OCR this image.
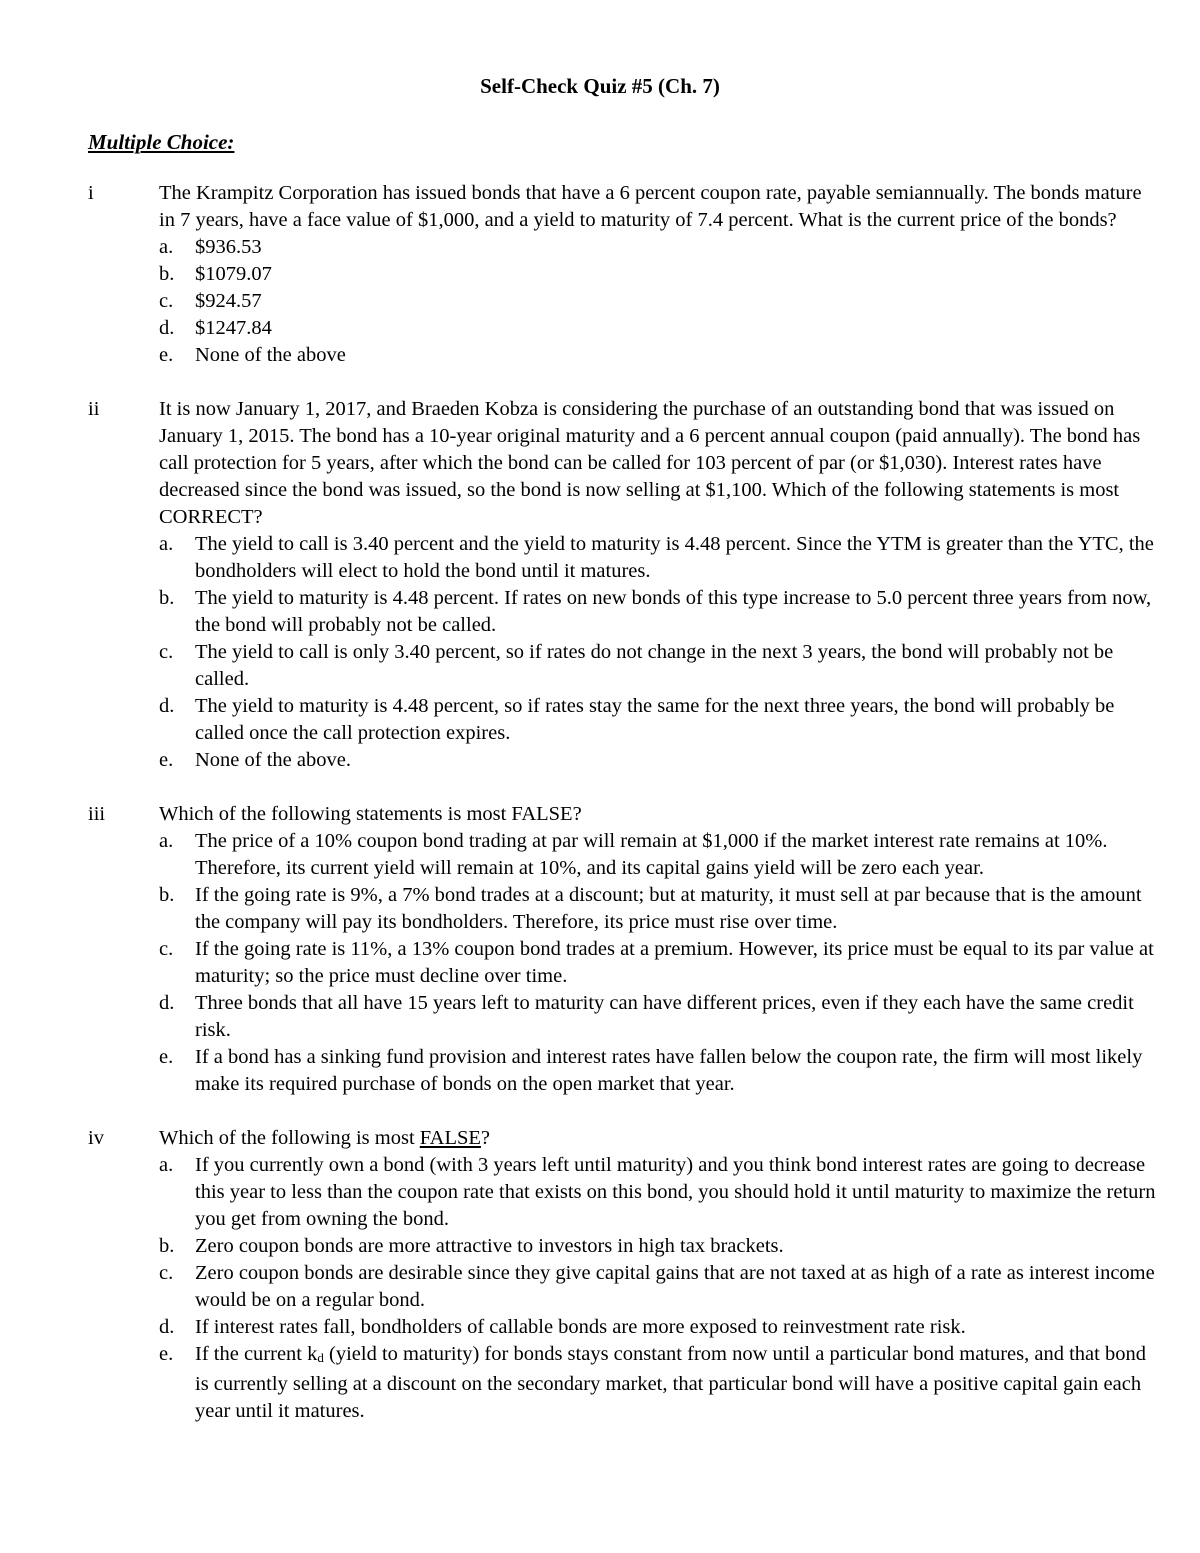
Self-Check Quiz #5 (Ch. 7)
Multiple Choice:
i	The Krampitz Corporation has issued bonds that have a 6 percent coupon rate, payable semiannually. The bonds mature in 7 years, have a face value of $1,000, and a yield to maturity of 7.4 percent. What is the current price of the bonds?
a. $936.53
b. $1079.07
c. $924.57
d. $1247.84
e. None of the above
ii	It is now January 1, 2017, and Braeden Kobza is considering the purchase of an outstanding bond that was issued on January 1, 2015. The bond has a 10-year original maturity and a 6 percent annual coupon (paid annually). The bond has call protection for 5 years, after which the bond can be called for 103 percent of par (or $1,030). Interest rates have decreased since the bond was issued, so the bond is now selling at $1,100. Which of the following statements is most CORRECT?
a. The yield to call is 3.40 percent and the yield to maturity is 4.48 percent. Since the YTM is greater than the YTC, the bondholders will elect to hold the bond until it matures.
b. The yield to maturity is 4.48 percent. If rates on new bonds of this type increase to 5.0 percent three years from now, the bond will probably not be called.
c. The yield to call is only 3.40 percent, so if rates do not change in the next 3 years, the bond will probably not be called.
d. The yield to maturity is 4.48 percent, so if rates stay the same for the next three years, the bond will probably be called once the call protection expires.
e. None of the above.
iii	Which of the following statements is most FALSE?
a. The price of a 10% coupon bond trading at par will remain at $1,000 if the market interest rate remains at 10%. Therefore, its current yield will remain at 10%, and its capital gains yield will be zero each year.
b. If the going rate is 9%, a 7% bond trades at a discount; but at maturity, it must sell at par because that is the amount the company will pay its bondholders. Therefore, its price must rise over time.
c. If the going rate is 11%, a 13% coupon bond trades at a premium. However, its price must be equal to its par value at maturity; so the price must decline over time.
d. Three bonds that all have 15 years left to maturity can have different prices, even if they each have the same credit risk.
e. If a bond has a sinking fund provision and interest rates have fallen below the coupon rate, the firm will most likely make its required purchase of bonds on the open market that year.
iv	Which of the following is most FALSE?
a. If you currently own a bond (with 3 years left until maturity) and you think bond interest rates are going to decrease this year to less than the coupon rate that exists on this bond, you should hold it until maturity to maximize the return you get from owning the bond.
b. Zero coupon bonds are more attractive to investors in high tax brackets.
c. Zero coupon bonds are desirable since they give capital gains that are not taxed at as high of a rate as interest income would be on a regular bond.
d. If interest rates fall, bondholders of callable bonds are more exposed to reinvestment rate risk.
e. If the current $k_d$ (yield to maturity) for bonds stays constant from now until a particular bond matures, and that bond is currently selling at a discount on the secondary market, that particular bond will have a positive capital gain each year until it matures.
